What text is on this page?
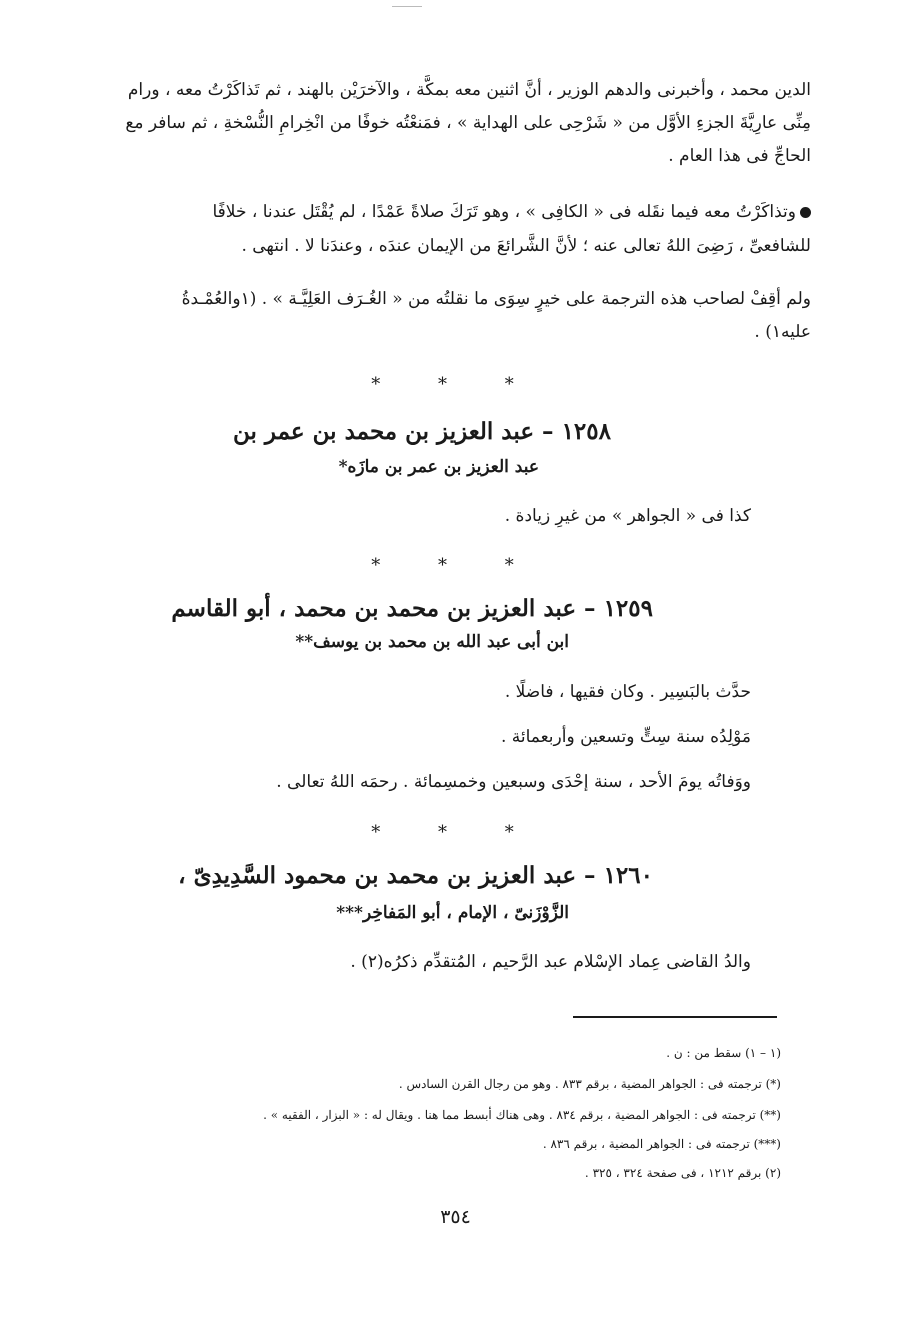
الدين محمد ، وأخبرنى والدهم الوزير ، أنَّ اثنين معه بمكَّة ، والآخرَيْن بالهند ، ثم تَذاكَرْتُ معه ، ورام
مِنِّى عارِيَّةَ الجزءِ الأوَّل من « شَرْحِى على الهداية » ، فمَنعْتُه خوفًا من انْخِرامِ النُّسْخةِ ، ثم سافر مع
الحاجِّ فى هذا العام .
وتذاكَرْتُ معه فيما نقَله فى « الكافِى » ، وهو تَرَكَ صلاةً عَمْدًا ، لم يُقْتَل عندنا ، خلافًا
للشافعىِّ ، رَضِىَ اللهُ تعالى عنه ؛ لأنَّ الشَّرائعَ من الإيمان عندَه ، وعندَنا لا . انتهى .
ولم أقِفْ لصاحب هذه الترجمة على خيرٍ سِوَى ما نقلتُه من « الغُـرَف العَلِيَّـة » . (١والعُمْـدةُ
عليه١) .
* * *
١٢٥٨ – عبد العزيز بن محمد بن عمر بن
عبد العزيز بن عمر بن مازَه*
كذا فى « الجواهر » من غيرِ زيادة .
* * *
١٢٥٩ – عبد العزيز بن محمد بن محمد ، أبو القاسم
ابن أبى عبد الله بن محمد بن يوسف**
حدَّث بالبَسِير . وكان فقيها ، فاضلًا .
مَوْلِدُه سنة سِتٍّ وتسعين وأربعمائة .
ووَفاتُه يومَ الأحد ، سنة إحْدَى وسبعين وخمسِمائة . رحمَه اللهُ تعالى .
* * *
١٢٦٠ – عبد العزيز بن محمد بن محمود السَّدِيدِىّ ،
الزَّوْزَنىّ ، الإمام ، أبو المَفاخِر***
والدُ القاضى عِماد الإسْلام عبد الرَّحيم ، المُتقدِّم ذكرُه(٢) .
(١ – ١) سقط من : ن .
(*) ترجمته فى : الجواهر المضية ، برقم ٨٣٣ . وهو من رجال القرن السادس .
(**) ترجمته فى : الجواهر المضية ، برقم ٨٣٤ . وهى هناك أبسط مما هنا . ويقال له : « البزار ، الفقيه » .
(***) ترجمته فى : الجواهر المضية ، برقم ٨٣٦ .
(٢) برقم ١٢١٢ ، فى صفحة ٣٢٤ ، ٣٢٥ .
٣٥٤
